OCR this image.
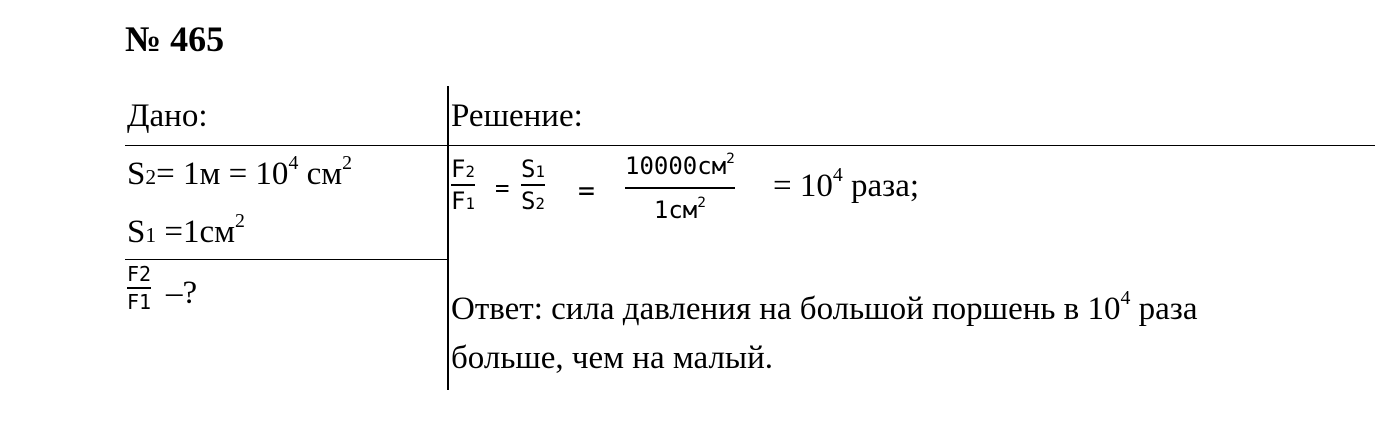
№ 465
Дано:
$S2= 1м = 10^4$ $см^2$
$S1 =1см^2$
F2
F1 –?
Решение:
F2
F1
=
S1
S2 =
$10000см^2$
$1см^2 = 10^4$ раза;
Ответ: сила давления на большой поршень в $10^4$ раза
больше, чем на малый.
